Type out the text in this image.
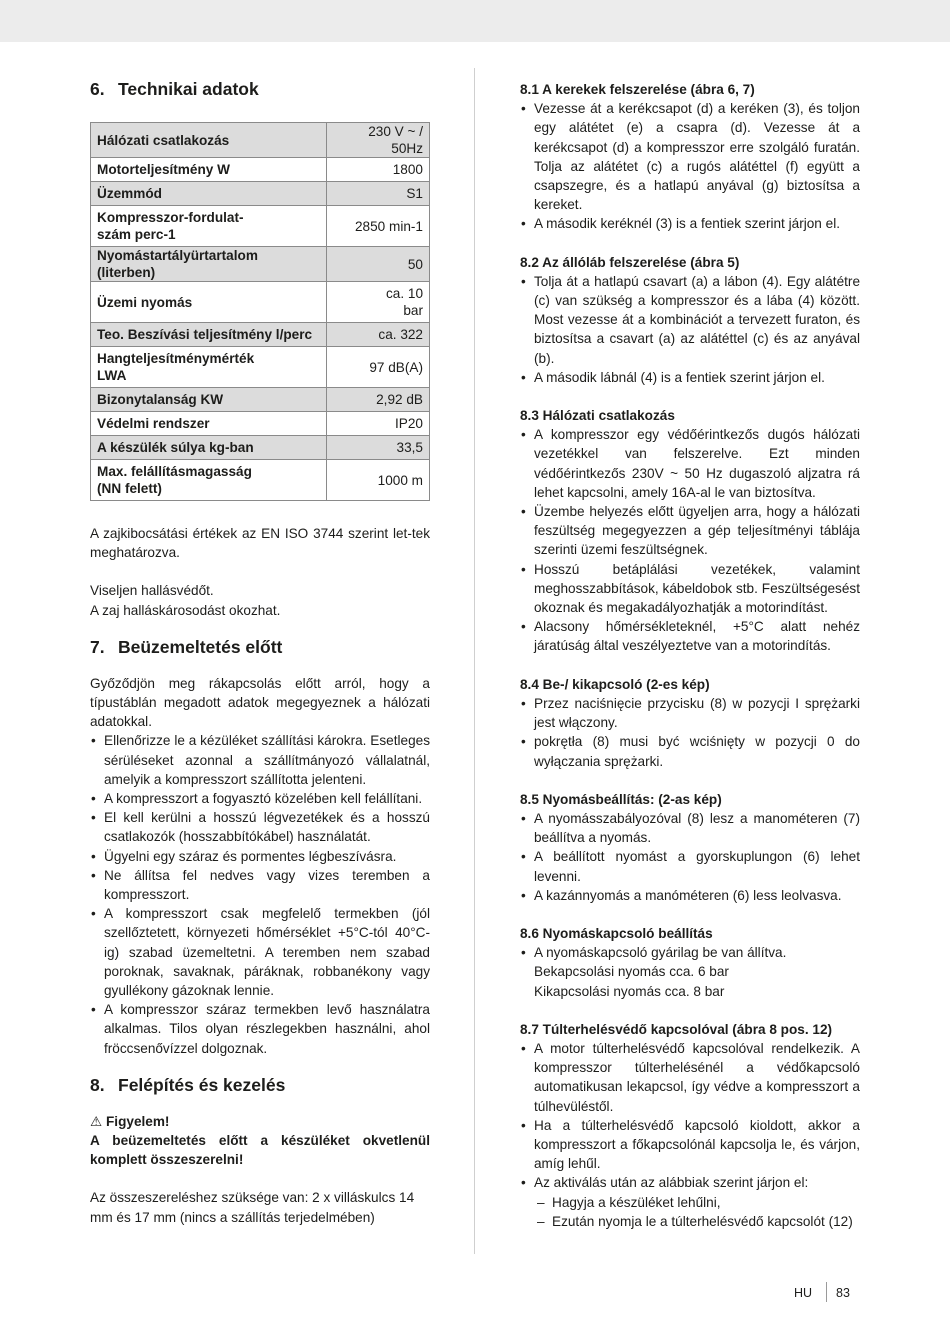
6. Technikai adatok
Hálózati csatlakozás	230 V ~ / 50Hz
Motorteljesítmény W	1800
Üzemmód	S1
Kompresszor-fordulat-
szám perc-1	2850 min-1
Nyomástartályürtartalom (literben)	50
Üzemi nyomás	ca. 10
bar
Teo. Beszívási teljesítmény l/perc	ca. 322
Hangteljesítménymérték
LWA	97 dB(A)
Bizonytalanság KW	2,92 dB
Védelmi rendszer	IP20
A készülék súlya kg-ban	33,5
Max. felállításmagasság
(NN felett)	1000 m

A zajkibocsátási értékek az EN ISO 3744 szerint let-tek meghatározva.

Viseljen hallásvédőt.

A zaj halláskárosodást okozhat.

7. Beüzemeltetés előtt

Győződjön meg rákapcsolás előtt arról, hogy a típustáblán megadott adatok megegyeznek a hálózati adatokkal.

• Ellenőrizze le a kézüléket szállítási károkra. Esetleges sérüléseket azonnal a szállítmányozó vállalatnál, amelyik a kompresszort szállította jelenteni.
• A kompresszort a fogyasztó közelében kell felállítani.
• El kell kerülni a hosszú légvezetékek és a hosszú csatlakozók (hosszabbítókábel) használatát.
• Ügyelni egy száraz és pormentes légbeszívásra.
• Ne állítsa fel nedves vagy vizes teremben a kompresszort.
• A kompresszort csak megfelelő termekben (jól szellőztetett, környezeti hőmérséklet +5°C-tól 40°C-ig) szabad üzemeltetni. A teremben nem szabad poroknak, savaknak, páráknak, robbanékony vagy gyullékony gázoknak lennie.
• A kompresszor száraz termekben levő használatra alkalmas. Tilos olyan részlegekben használni, ahol fröccsenővízzel dolgoznak.
8. Felépítés és kezelés

⚠ Figyelem!

A beüzemeltetés előtt a készüléket okvetlenül komplett összeszerelni!

Az összeszereléshez szüksége van: 2 x villáskulcs 14 mm és 17 mm (nincs a szállítás terjedelmében)

8.1 A kerekek felszerelése (ábra 6, 7)

• Vezesse át a kerékcsapot (d) a keréken (3), és toljon egy alátétet (e) a csapra (d). Vezesse át a kerékcsapot (d) a kompresszor erre szolgáló furatán. Tolja az alátétet (c) a rugós alátéttel (f) együtt a csapszegre, és a hatlapú anyával (g) biztosítsa a kereket.
• A második keréknél (3) is a fentiek szerint járjon el.

8.2 Az állóláb felszerelése (ábra 5)

• Tolja át a hatlapú csavart (a) a lábon (4). Egy alátétre (c) van szükség a kompresszor és a lába (4) között. Most vezesse át a kombinációt a tervezett furaton, és biztosítsa a csavart (a) az alátéttel (c) és az anyával (b).
• A második lábnál (4) is a fentiek szerint járjon el.

8.3 Hálózati csatlakozás

• A kompresszor egy védőérintkezős dugós hálózati vezetékkel van felszerelve. Ezt minden védőérintkezős 230V ~ 50 Hz dugaszoló aljzatra rá lehet kapcsolni, amely 16A-al le van biztosítva.
• Üzembe helyezés előtt ügyeljen arra, hogy a hálózati feszültség megegyezzen a gép teljesítményi táblája szerinti üzemi feszültségnek.
• Hosszú betáplálási vezetékek, valamint meghosszabbítások, kábeldobok stb. Feszültségesést okoznak és megakadályozhatják a motorindítást.
• Alacsony hőmérsékleteknél, +5°C alatt nehéz járatúság által veszélyeztetve van a motorindítás.

8.4 Be-/ kikapcsoló (2-es kép)

• Przez naciśnięcie przycisku (8) w pozycji I sprężarki jest włączony.
• pokrętła (8) musi być wciśnięty w pozycji 0 do wyłączania sprężarki.

8.5 Nyomásbeállítás: (2-as kép)

• A nyomásszabályozóval (8) lesz a manométeren (7) beállítva a nyomás.
• A beállított nyomást a gyorskuplungon (6) lehet levenni.
• A kazánnyomás a manóméteren (6) less leolvasva.

8.6 Nyomáskapcsoló beállítás

• A nyomáskapcsoló gyárilag be van állítva.
Bekapcsolási nyomás cca. 6 bar
Kikapcsolási nyomás cca. 8 bar

8.7 Túlterhelésvédő kapcsolóval (ábra 8 pos. 12)

• A motor túlterhelésvédő kapcsolóval rendelkezik. A kompresszor túlterhelésénél a védőkapcsoló automatikusan lekapcsol, így védve a kompresszort a túlhevüléstől.
• Ha a túlterhelésvédő kapcsoló kioldott, akkor a kompresszort a főkapcsolónál kapcsolja le, és várjon, amíg lehűl.
• Az aktiválás után az alábbiak szerint járjon el:
– Hagyja a készüléket lehűlni,
– Ezután nyomja le a túlterhelésvédő kapcsolót (12)
HU 83
